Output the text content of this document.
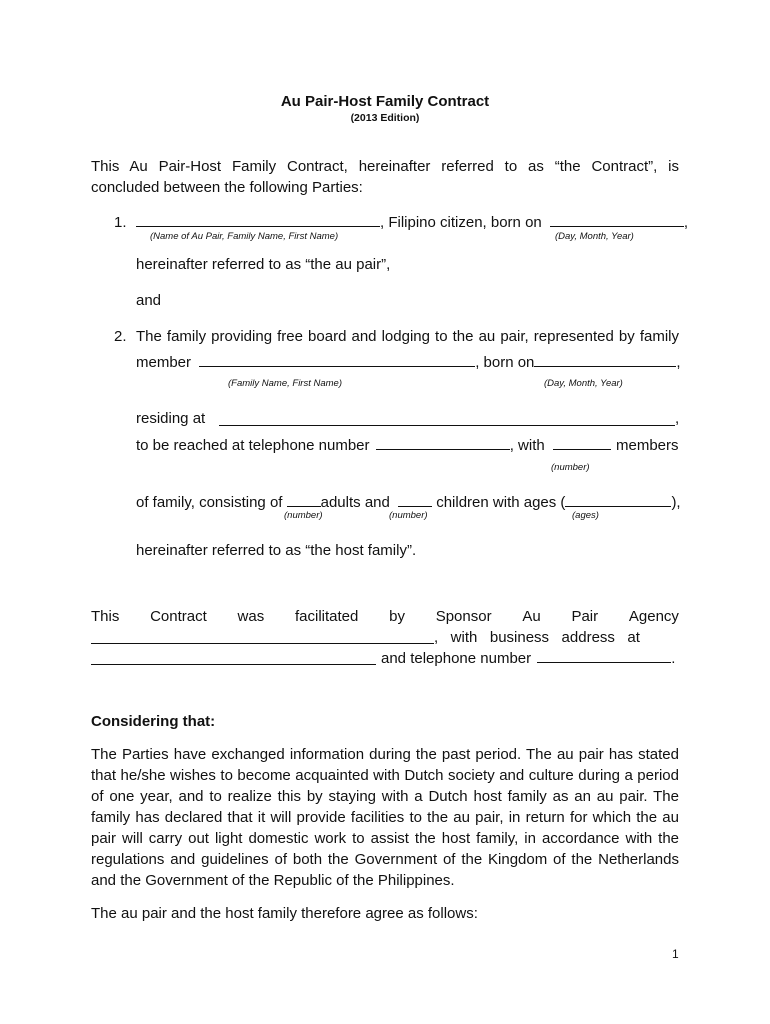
Au Pair-Host Family Contract
(2013 Edition)
This Au Pair-Host Family Contract, hereinafter referred to as “the Contract”, is
concluded between the following Parties:
1.	, Filipino citizen, born on	,
(Name of Au Pair, Family Name, First Name)	(Day, Month, Year)
hereinafter referred to as “the au pair”,
and
2. The family providing free board and lodging to the au pair, represented by family
member	, born on	,
(Family Name, First Name)	(Day, Month, Year)
residing at	,
to be reached at telephone number	, with	members
(number)
of family, consisting of	adults and	children with ages (	),
(number)	(number)	(ages)
hereinafter referred to as “the host family”.
This Contract was facilitated by Sponsor Au Pair Agency
,   with   business   address   at
and telephone number	.
Considering that:
The Parties have exchanged information during the past period. The au pair has stated
that he/she wishes to become acquainted with Dutch society and culture during a period
of one year, and to realize this by staying with a Dutch host family as an au pair. The
family has declared that it will provide facilities to the au pair, in return for which the au
pair will carry out light domestic work to assist the host family, in accordance with the
regulations and guidelines of both the Government of the Kingdom of the Netherlands
and the Government of the Republic of the Philippines.
The au pair and the host family therefore agree as follows:
1
